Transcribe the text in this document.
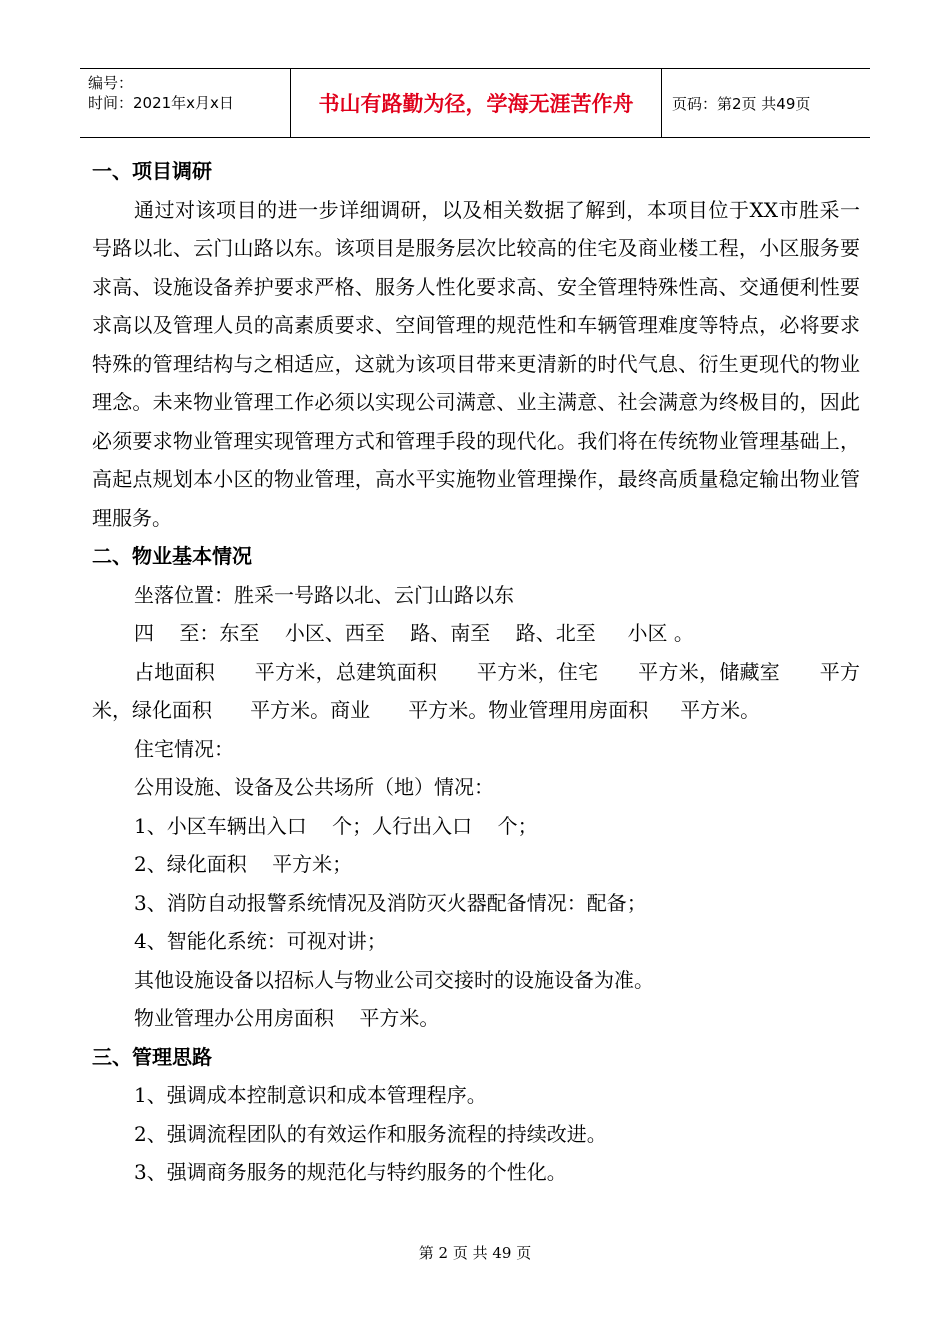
编号：
时间：2021年x月x日	书山有路勤为径，学海无涯苦作舟	页码：第2页 共49页
一、项目调研

通过对该项目的进一步详细调研，以及相关数据了解到，本项目位于XX市胜采一号路以北、云门山路以东。该项目是服务层次比较高的住宅及商业楼工程，小区服务要求高、设施设备养护要求严格、服务人性化要求高、安全管理特殊性高、交通便利性要求高以及管理人员的高素质要求、空间管理的规范性和车辆管理难度等特点，必将要求特殊的管理结构与之相适应，这就为该项目带来更清新的时代气息、衍生更现代的物业理念。未来物业管理工作必须以实现公司满意、业主满意、社会满意为终极目的，因此必须要求物业管理实现管理方式和管理手段的现代化。我们将在传统物业管理基础上，高起点规划本小区的物业管理，高水平实施物业管理操作，最终高质量稳定输出物业管理服务。

二、物业基本情况

坐落位置：胜采一号路以北、云门山路以东

四    至：东至    小区、西至    路、南至    路、北至     小区 。

占地面积      平方米，总建筑面积      平方米，住宅      平方米，储藏室      平方米，绿化面积      平方米。商业      平方米。物业管理用房面积     平方米。

住宅情况：

公用设施、设备及公共场所（地）情况：

1、小区车辆出入口    个；人行出入口    个；

2、绿化面积    平方米；

3、消防自动报警系统情况及消防灭火器配备情况：配备；

4、智能化系统：可视对讲；

其他设施设备以招标人与物业公司交接时的设施设备为准。

物业管理办公用房面积    平方米。

三、管理思路

1、强调成本控制意识和成本管理程序。

2、强调流程团队的有效运作和服务流程的持续改进。

3、强调商务服务的规范化与特约服务的个性化。

第 2 页 共 49 页
